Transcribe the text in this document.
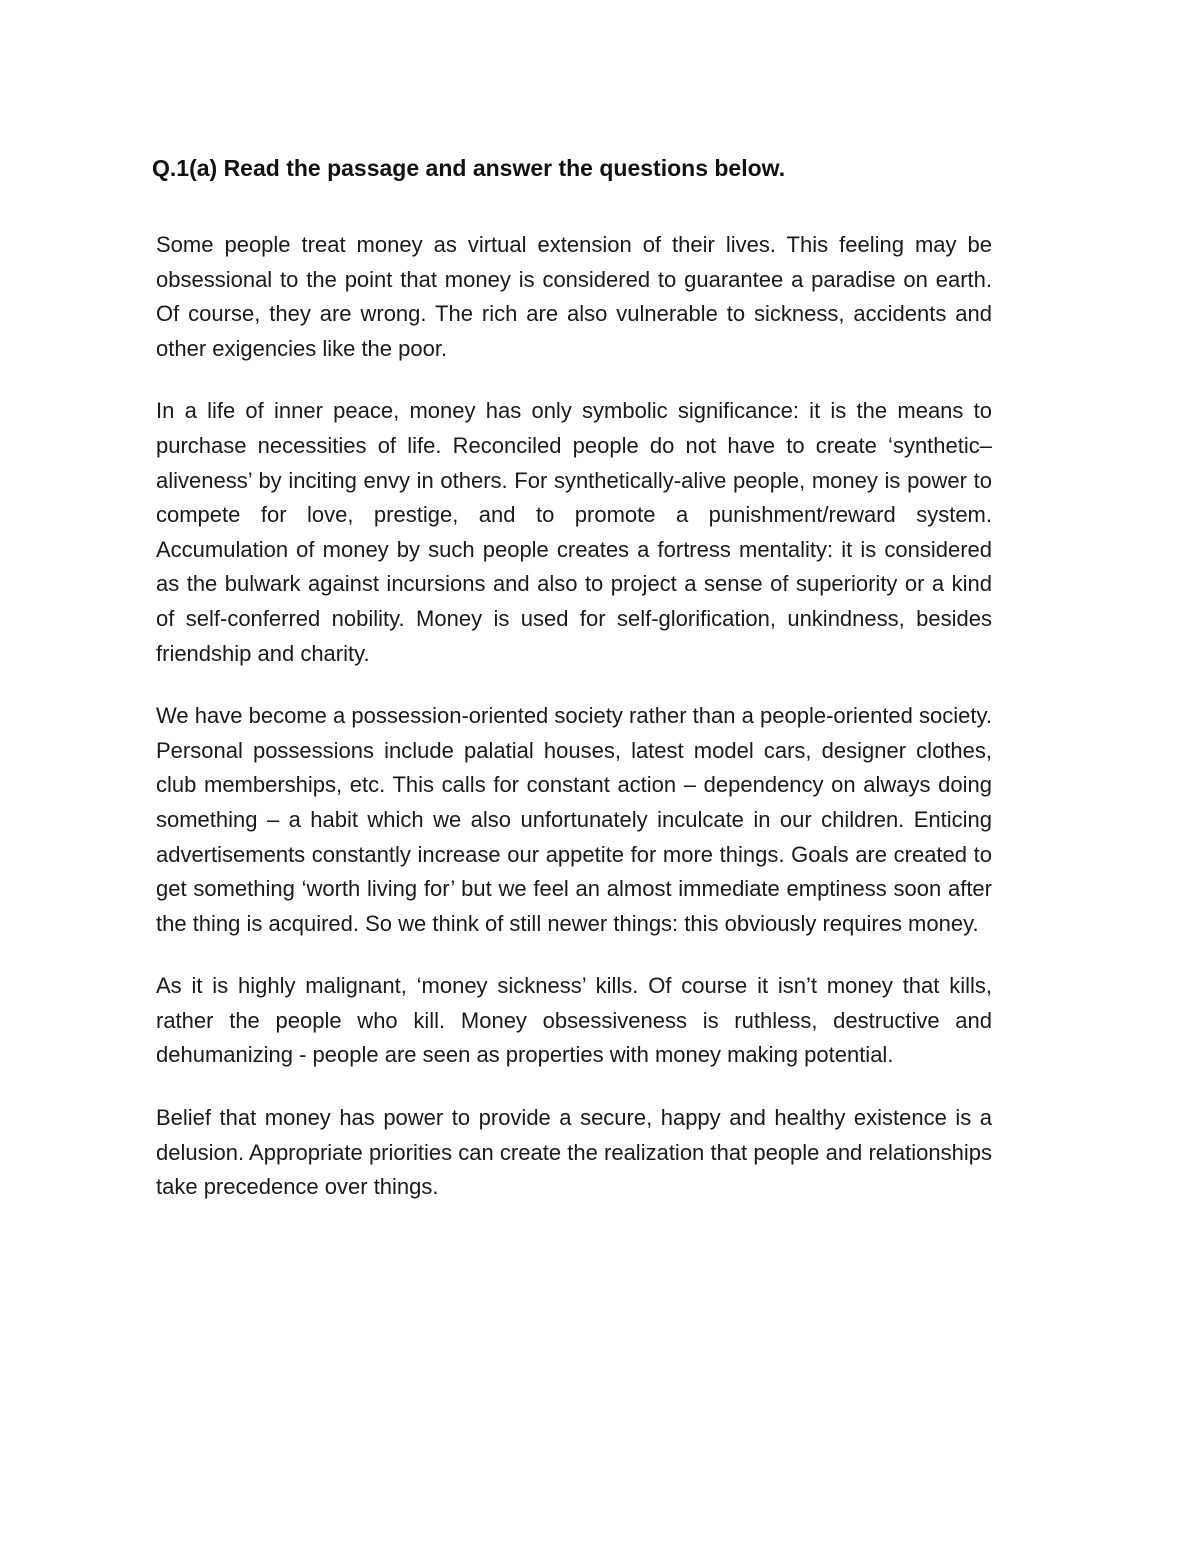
Q.1(a) Read the passage and answer the questions below.

Some people treat money as virtual extension of their lives. This feeling may be obsessional to the point that money is considered to guarantee a paradise on earth. Of course, they are wrong. The rich are also vulnerable to sickness, accidents and other exigencies like the poor.

In a life of inner peace, money has only symbolic significance: it is the means to purchase necessities of life. Reconciled people do not have to create ‘synthetic–aliveness’ by inciting envy in others. For synthetically-alive people, money is power to compete for love, prestige, and to promote a punishment/reward system. Accumulation of money by such people creates a fortress mentality: it is considered as the bulwark against incursions and also to project a sense of superiority or a kind of self-conferred nobility. Money is used for self-glorification, unkindness, besides friendship and charity.

We have become a possession-oriented society rather than a people-oriented society. Personal possessions include palatial houses, latest model cars, designer clothes, club memberships, etc. This calls for constant action – dependency on always doing something – a habit which we also unfortunately inculcate in our children. Enticing advertisements constantly increase our appetite for more things. Goals are created to get something ‘worth living for’ but we feel an almost immediate emptiness soon after the thing is acquired. So we think of still newer things: this obviously requires money.

As it is highly malignant, ‘money sickness’ kills. Of course it isn’t money that kills, rather the people who kill. Money obsessiveness is ruthless, destructive and dehumanizing - people are seen as properties with money making potential.

Belief that money has power to provide a secure, happy and healthy existence is a delusion. Appropriate priorities can create the realization that people and relationships take precedence over things.
